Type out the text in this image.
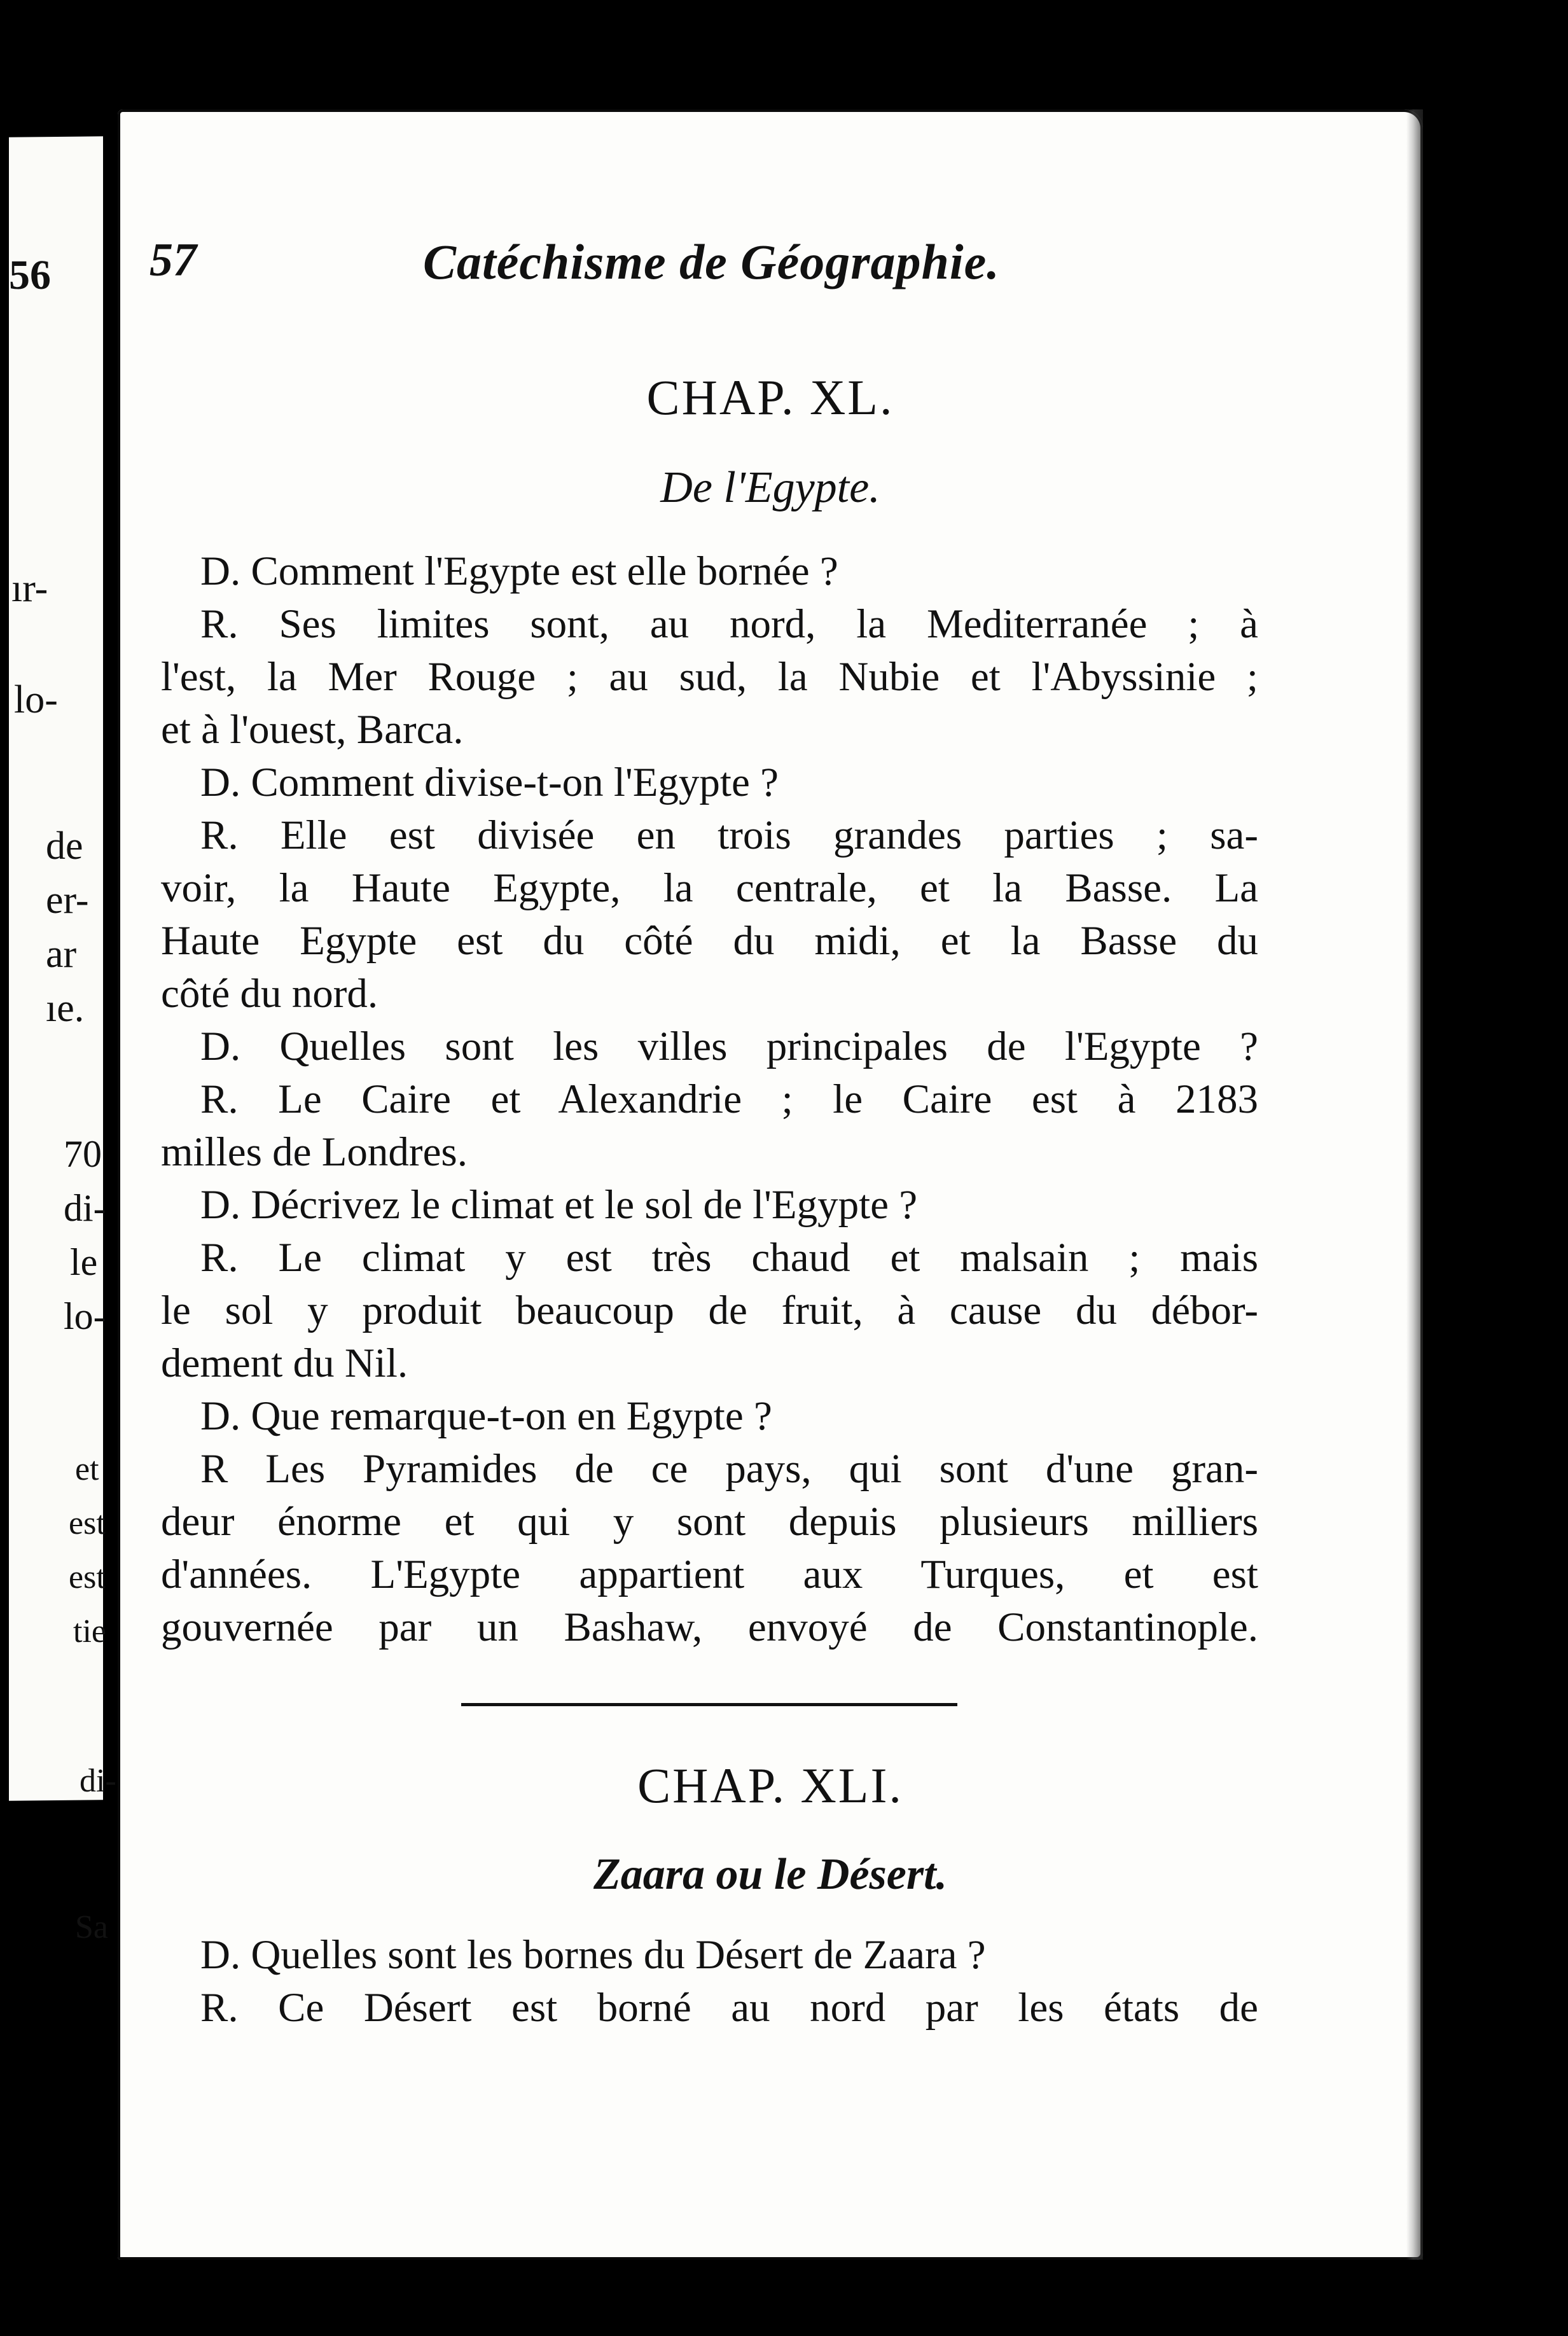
56
ır-
lo-
de
er-
ar
ıe.
70
di-
le
lo-
et
est
est
tie
di-
Sa
57	Catéchisme de Géographie.
CHAP. XL.
De l'Egypte.
D. Comment l'Egypte est elle bornée ?
R. Ses limites sont, au nord, la Mediterranée ; à
l'est, la Mer Rouge ; au sud, la Nubie et l'Abyssinie ;
et à l'ouest, Barca.
D. Comment divise-t-on l'Egypte ?
R. Elle est divisée en trois grandes parties ; sa-
voir, la Haute Egypte, la centrale, et la Basse. La
Haute Egypte est du côté du midi, et la Basse du
côté du nord.
D. Quelles sont les villes principales de l'Egypte ?
R. Le Caire et Alexandrie ; le Caire est à 2183
milles de Londres.
D. Décrivez le climat et le sol de l'Egypte ?
R. Le climat y est très chaud et malsain ; mais
le sol y produit beaucoup de fruit, à cause du débor-
dement du Nil.
D. Que remarque-t-on en Egypte ?
R Les Pyramides de ce pays, qui sont d'une gran-
deur énorme et qui y sont depuis plusieurs milliers
d'années. L'Egypte appartient aux Turques, et est
gouvernée par un Bashaw, envoyé de Constantinople.
CHAP. XLI.
Zaara ou le Désert.
D. Quelles sont les bornes du Désert de Zaara ?
R. Ce Désert est borné au nord par les états de
